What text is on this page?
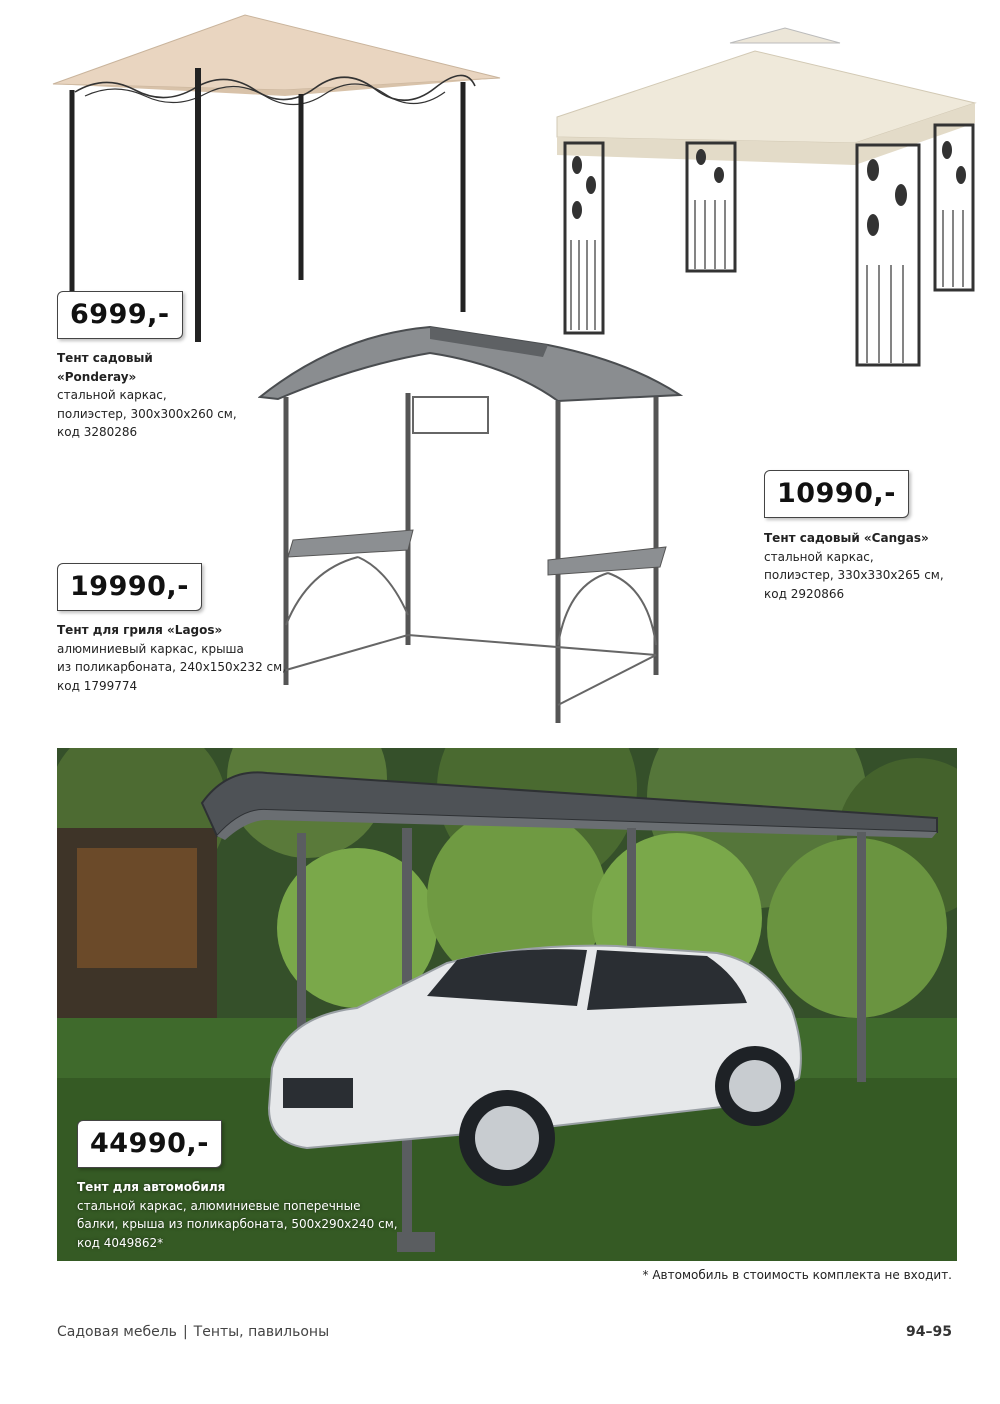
6999,-
10990,-
19990,-
Тент садовый
«Ponderay»
стальной каркас,
полиэстер, 300x300x260 см,
код 3280286
Тент садовый «Cangas»
стальной каркас,
полиэстер, 330x330x265 см,
код 2920866
Тент для гриля «Lagos»
алюминиевый каркас, крыша
из поликарбоната, 240x150x232 см,
код 1799774
44990,-
Тент для автомобиля
стальной каркас, алюминиевые поперечные
балки, крыша из поликарбоната, 500x290x240 см,
код 4049862*
* Автомобиль в стоимость комплекта не входит.
Садовая мебель | Тенты, павильоны	94–95
